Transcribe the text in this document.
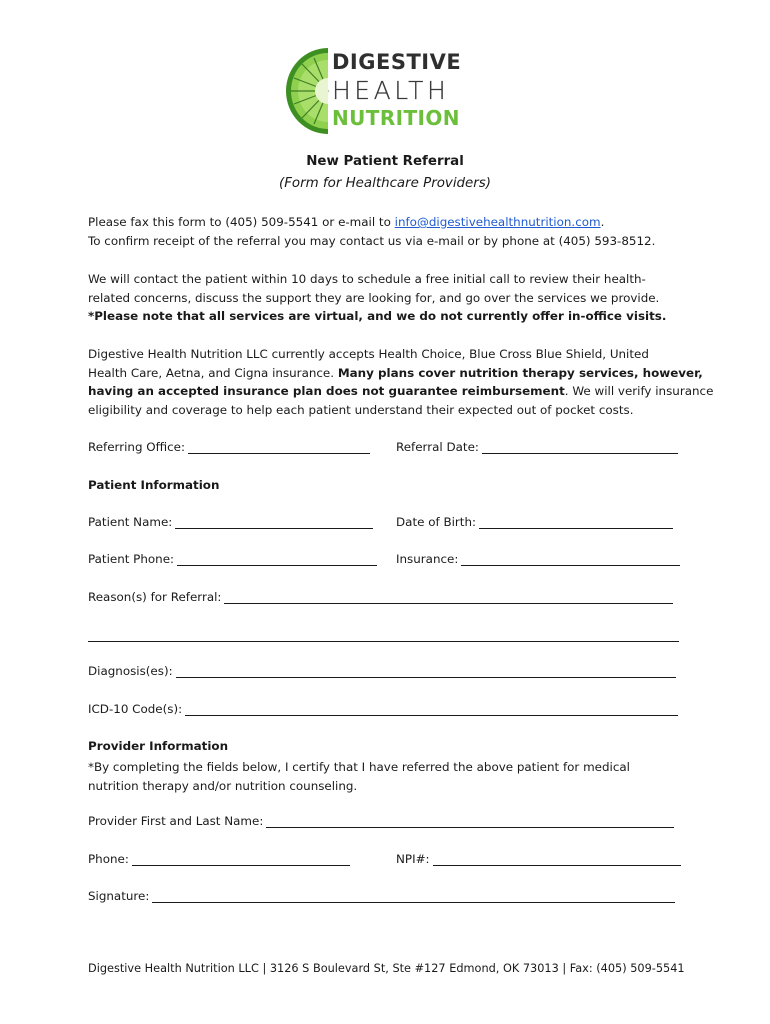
DIGESTIVE
HEALTH
NUTRITION
New Patient Referral
(Form for Healthcare Providers)
Please fax this form to (405) 509-5541 or e-mail to info@digestivehealthnutrition.com.
To confirm receipt of the referral you may contact us via e-mail or by phone at (405) 593-8512.
We will contact the patient within 10 days to schedule a free initial call to review their health-
related concerns, discuss the support they are looking for, and go over the services we provide.
*Please note that all services are virtual, and we do not currently offer in-office visits.
Digestive Health Nutrition LLC currently accepts Health Choice, Blue Cross Blue Shield, United
Health Care, Aetna, and Cigna insurance. Many plans cover nutrition therapy services, however,
having an accepted insurance plan does not guarantee reimbursement. We will verify insurance
eligibility and coverage to help each patient understand their expected out of pocket costs.
Referring Office:	Referral Date:
Patient Information
Patient Name:	Date of Birth:
Patient Phone:	Insurance:
Reason(s) for Referral:
Diagnosis(es):
ICD-10 Code(s):
Provider Information
*By completing the fields below, I certify that I have referred the above patient for medical
nutrition therapy and/or nutrition counseling.
Provider First and Last Name:
Phone:	NPI#:
Signature:
Digestive Health Nutrition LLC | 3126 S Boulevard St, Ste #127 Edmond, OK 73013 | Fax: (405) 509-5541
